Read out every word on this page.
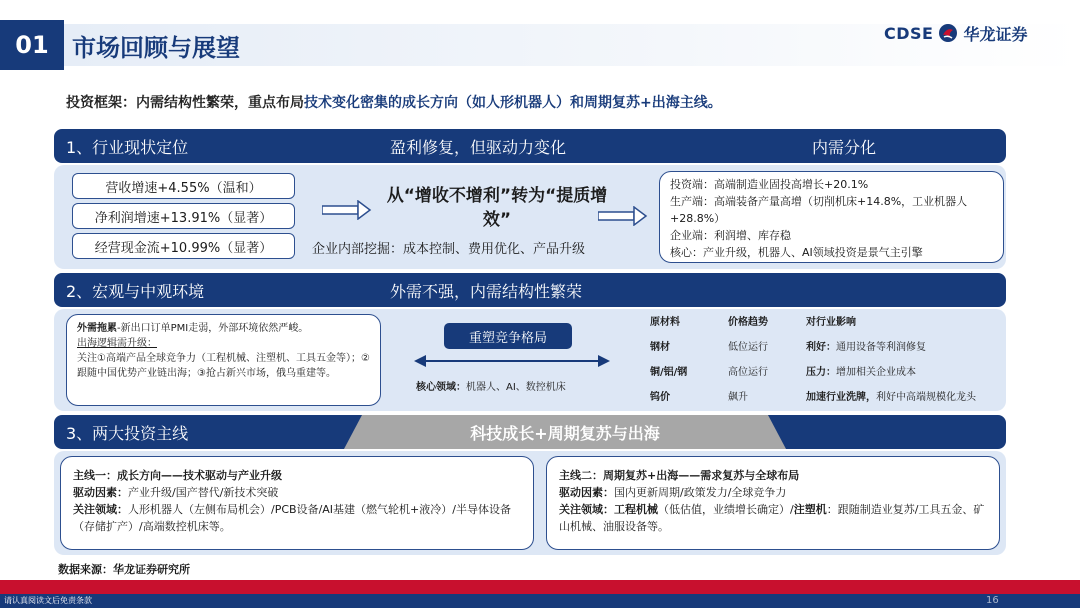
01 市场回顾与展望
CDSE 华龙证券
投资框架：内需结构性繁荣，重点布局技术变化密集的成长方向（如人形机器人）和周期复苏+出海主线。
1、行业现状定位	盈利修复，但驱动力变化	内需分化
营收增速+4.55%（温和）
净利润增速+13.91%（显著）
经营现金流+10.99%（显著）
从“增收不增利”转为“提质增效”
企业内部挖掘：成本控制、费用优化、产品升级
投资端：高端制造业固投高增长+20.1%
生产端：高端装备产量高增（切削机床+14.8%，工业机器人+28.8%）
企业端：利润增、库存稳
核心：产业升级，机器人、AI领域投资是景气主引擎
2、宏观与中观环境	外需不强，内需结构性繁荣
外需拖累-新出口订单PMI走弱，外部环境依然严峻。
出海逻辑需升级：
关注①高端产品全球竞争力（工程机械、注塑机、工具五金等）；②跟随中国优势产业链出海；③抢占新兴市场，俄乌重建等。
重塑竞争格局
核心领域：机器人、AI、数控机床
原材料	价格趋势	对行业影响
钢材	低位运行	利好：通用设备等利润修复
铜/铝/钢	高位运行	压力：增加相关企业成本
钨价	飙升	加速行业洗牌，利好中高端规模化龙头
3、两大投资主线	科技成长+周期复苏与出海
主线一：成长方向——技术驱动与产业升级
驱动因素：产业升级/国产替代/新技术突破
关注领域：人形机器人（左侧布局机会）/PCB设备/AI基建（燃气轮机+液冷）/半导体设备（存储扩产）/高端数控机床等。
主线二：周期复苏+出海——需求复苏与全球布局
驱动因素：国内更新周期/政策发力/全球竞争力
关注领域：工程机械（低估值，业绩增长确定）/注塑机：跟随制造业复苏/工具五金、矿山机械、油服设备等。
数据来源：华龙证券研究所
请认真阅读文后免责条款	16
